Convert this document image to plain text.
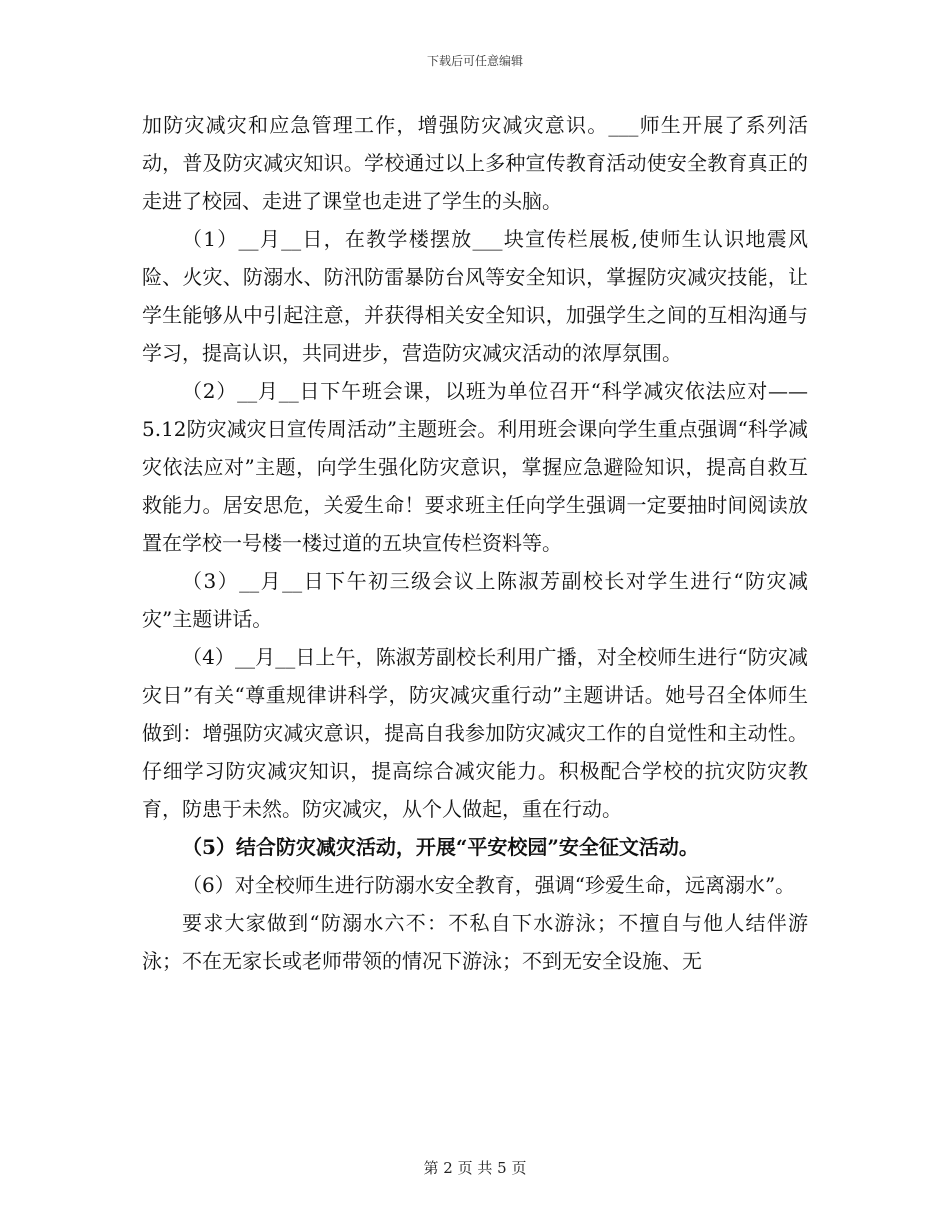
下载后可任意编辑

加防灾减灾和应急管理工作，增强防灾减灾意识。___师生开展了系列活动，普及防灾减灾知识。学校通过以上多种宣传教育活动使安全教育真正的走进了校园、走进了课堂也走进了学生的头脑。

（1）__月__日，在教学楼摆放___块宣传栏展板,使师生认识地震风险、火灾、防溺水、防汛防雷暴防台风等安全知识，掌握防灾减灾技能，让学生能够从中引起注意，并获得相关安全知识，加强学生之间的互相沟通与学习，提高认识，共同进步，营造防灾减灾活动的浓厚氛围。

（2）__月__日下午班会课，以班为单位召开“科学减灾依法应对——5.12防灾减灾日宣传周活动”主题班会。利用班会课向学生重点强调“科学减灾依法应对”主题，向学生强化防灾意识，掌握应急避险知识，提高自救互救能力。居安思危，关爱生命！要求班主任向学生强调一定要抽时间阅读放置在学校一号楼一楼过道的五块宣传栏资料等。

（3）__月__日下午初三级会议上陈淑芳副校长对学生进行“防灾减灾”主题讲话。

（4）__月__日上午，陈淑芳副校长利用广播，对全校师生进行“防灾减灾日”有关“尊重规律讲科学，防灾减灾重行动”主题讲话。她号召全体师生做到：增强防灾减灾意识，提高自我参加防灾减灾工作的自觉性和主动性。仔细学习防灾减灾知识，提高综合减灾能力。积极配合学校的抗灾防灾教育，防患于未然。防灾减灾，从个人做起，重在行动。

（5）结合防灾减灾活动，开展“平安校园”安全征文活动。

（6）对全校师生进行防溺水安全教育，强调“珍爱生命，远离溺水”。

要求大家做到“防溺水六不：不私自下水游泳；不擅自与他人结伴游泳；不在无家长或老师带领的情况下游泳；不到无安全设施、无

第 2 页 共 5 页
